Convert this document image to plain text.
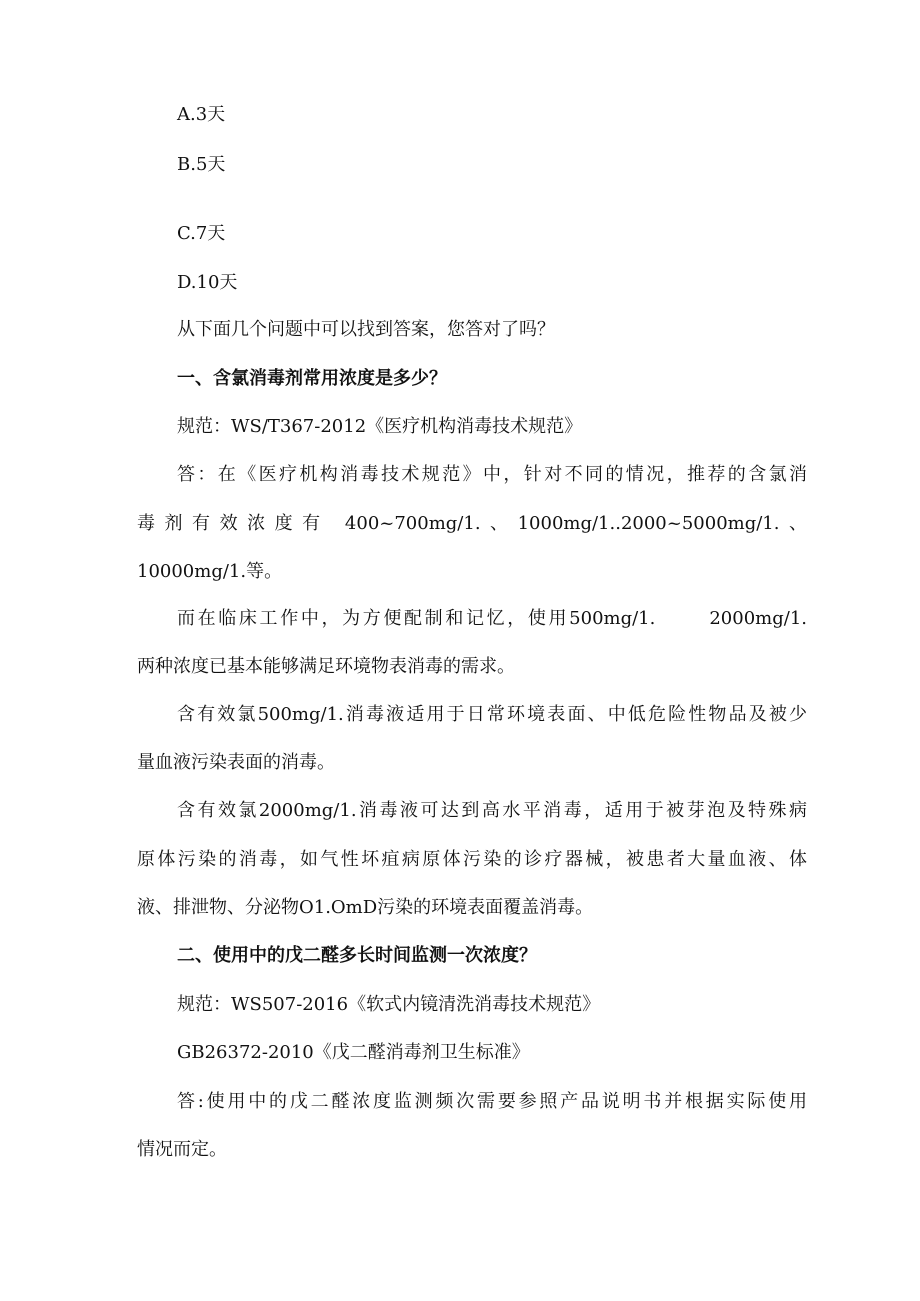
A.3天
B.5天
C.7天
D.10天
从下面几个问题中可以找到答案，您答对了吗？
一、含氯消毒剂常用浓度是多少？
规范：WS/T367-2012《医疗机构消毒技术规范》
答：在《医疗机构消毒技术规范》中，针对不同的情况，推荐的含氯消
毒剂有效浓度有 400~700mg/1.、1000mg/1..2000~5000mg/1.、
10000mg/1.等。
而在临床工作中，为方便配制和记忆，使用500mg/1.	2000mg/1.
两种浓度已基本能够满足环境物表消毒的需求。
含有效氯500mg/1.消毒液适用于日常环境表面、中低危险性物品及被少
量血液污染表面的消毒。
含有效氯2000mg/1.消毒液可达到高水平消毒，适用于被芽泡及特殊病
原体污染的消毒，如气性坏疽病原体污染的诊疗器械，被患者大量血液、体
液、排泄物、分泌物O1.OmD污染的环境表面覆盖消毒。
二、使用中的戊二醛多长时间监测一次浓度？
规范：WS507-2016《软式内镜清洗消毒技术规范》
GB26372-2010《戊二醛消毒剂卫生标准》
答:使用中的戊二醛浓度监测频次需要参照产品说明书并根据实际使用
情况而定。
